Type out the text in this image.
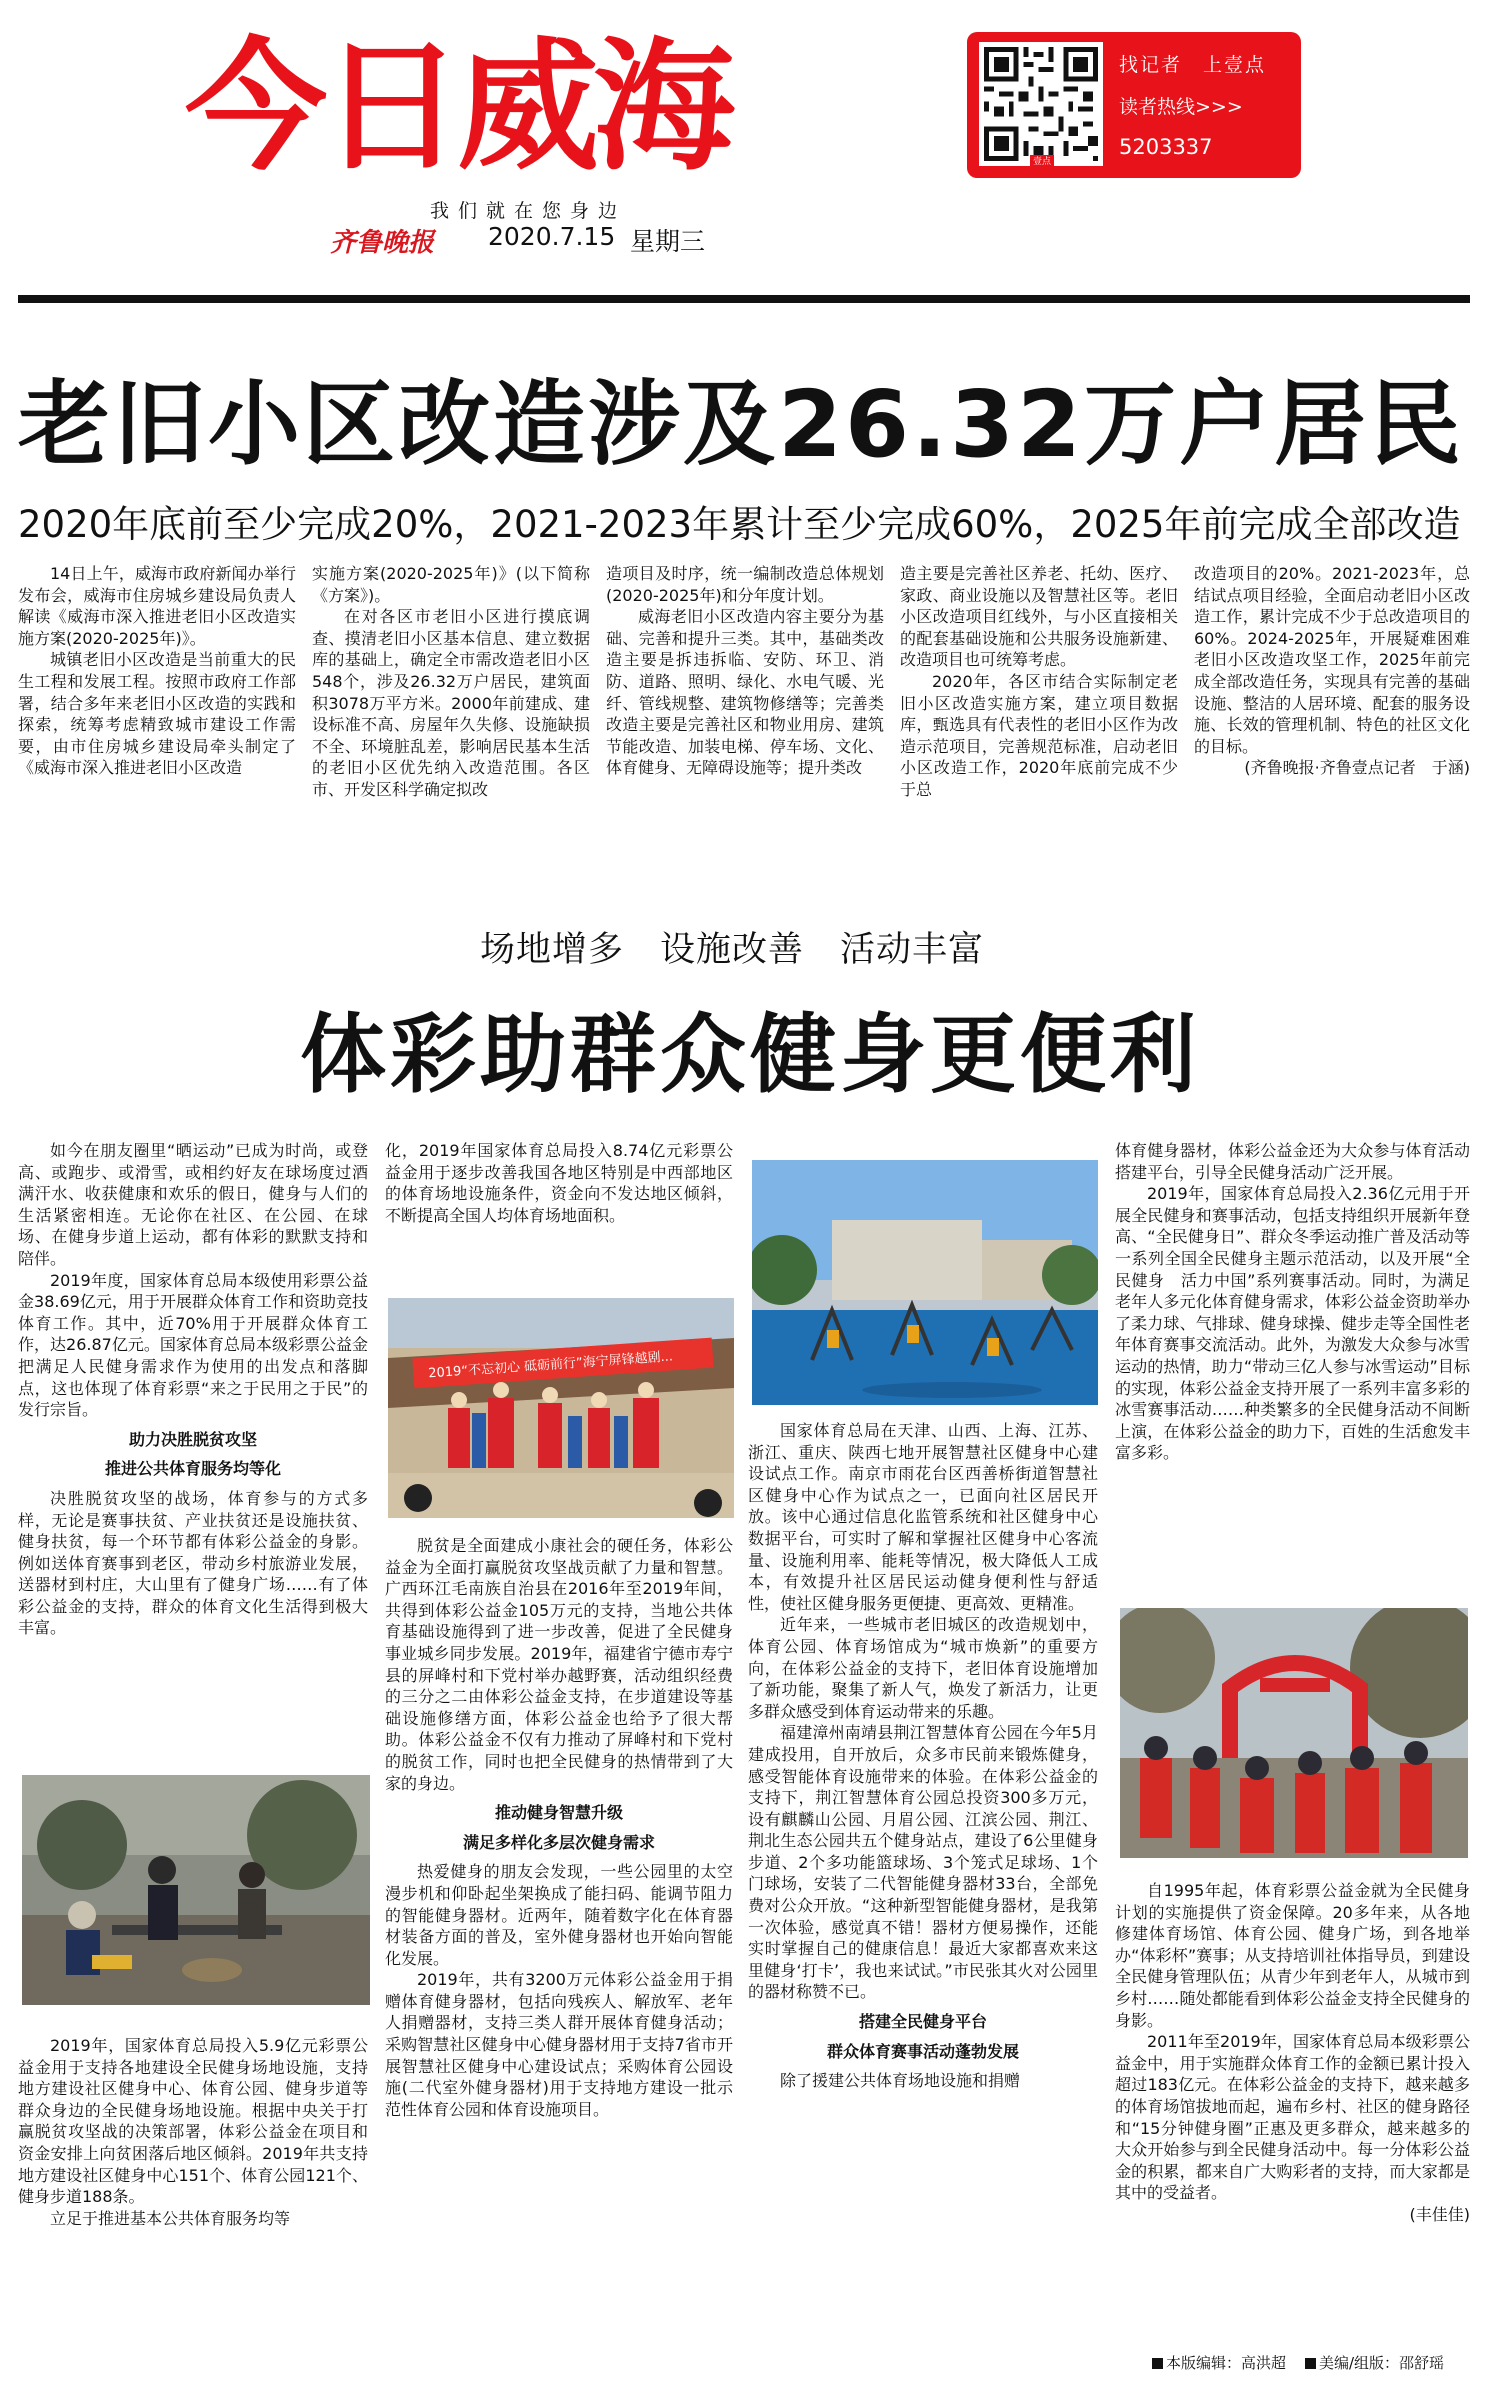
今日威海
我们就在您身边
齐鲁晚报 2020.7.15 星期三
壹点
找记者　上壹点
读者热线>>>
5203337
老旧小区改造涉及26.32万户居民
2020年底前至少完成20%，2021-2023年累计至少完成60%，2025年前完成全部改造

14日上午，威海市政府新闻办举行发布会，威海市住房城乡建设局负责人解读《威海市深入推进老旧小区改造实施方案(2020-2025年)》。

城镇老旧小区改造是当前重大的民生工程和发展工程。按照市政府工作部署，结合多年来老旧小区改造的实践和探索，统筹考虑精致城市建设工作需要，由市住房城乡建设局牵头制定了《威海市深入推进老旧小区改造

实施方案(2020-2025年)》(以下简称《方案》)。

在对各区市老旧小区进行摸底调查、摸清老旧小区基本信息、建立数据库的基础上，确定全市需改造老旧小区548个，涉及26.32万户居民，建筑面积3078万平方米。2000年前建成、建设标准不高、房屋年久失修、设施缺损不全、环境脏乱差，影响居民基本生活的老旧小区优先纳入改造范围。各区市、开发区科学确定拟改

造项目及时序，统一编制改造总体规划(2020-2025年)和分年度计划。

威海老旧小区改造内容主要分为基础、完善和提升三类。其中，基础类改造主要是拆违拆临、安防、环卫、消防、道路、照明、绿化、水电气暖、光纤、管线规整、建筑物修缮等；完善类改造主要是完善社区和物业用房、建筑节能改造、加装电梯、停车场、文化、体育健身、无障碍设施等；提升类改

造主要是完善社区养老、托幼、医疗、家政、商业设施以及智慧社区等。老旧小区改造项目红线外，与小区直接相关的配套基础设施和公共服务设施新建、改造项目也可统筹考虑。

2020年，各区市结合实际制定老旧小区改造实施方案，建立项目数据库，甄选具有代表性的老旧小区作为改造示范项目，完善规范标准，启动老旧小区改造工作，2020年底前完成不少于总

改造项目的20%。2021-2023年，总结试点项目经验，全面启动老旧小区改造工作，累计完成不少于总改造项目的60%。2024-2025年，开展疑难困难老旧小区改造攻坚工作，2025年前完成全部改造任务，实现具有完善的基础设施、整洁的人居环境、配套的服务设施、长效的管理机制、特色的社区文化的目标。

(齐鲁晚报·齐鲁壹点记者　于涵)

场地增多　设施改善　活动丰富
体彩助群众健身更便利

如今在朋友圈里“晒运动”已成为时尚，或登高、或跑步、或滑雪，或相约好友在球场度过酒满汗水、收获健康和欢乐的假日，健身与人们的生活紧密相连。无论你在社区、在公园、在球场、在健身步道上运动，都有体彩的默默支持和陪伴。

2019年度，国家体育总局本级使用彩票公益金38.69亿元，用于开展群众体育工作和资助竞技体育工作。其中，近70%用于开展群众体育工作，达26.87亿元。国家体育总局本级彩票公益金把满足人民健身需求作为使用的出发点和落脚点，这也体现了体育彩票“来之于民用之于民”的发行宗旨。

助力决胜脱贫攻坚

推进公共体育服务均等化

决胜脱贫攻坚的战场，体育参与的方式多样，无论是赛事扶贫、产业扶贫还是设施扶贫、健身扶贫，每一个环节都有体彩公益金的身影。例如送体育赛事到老区，带动乡村旅游业发展，送器材到村庄，大山里有了健身广场……有了体彩公益金的支持，群众的体育文化生活得到极大丰富。

2019年，国家体育总局投入5.9亿元彩票公益金用于支持各地建设全民健身场地设施，支持地方建设社区健身中心、体育公园、健身步道等群众身边的全民健身场地设施。根据中央关于打赢脱贫攻坚战的决策部署，体彩公益金在项目和资金安排上向贫困落后地区倾斜。2019年共支持地方建设社区健身中心151个、体育公园121个、健身步道188条。

立足于推进基本公共体育服务均等

化，2019年国家体育总局投入8.74亿元彩票公益金用于逐步改善我国各地区特别是中西部地区的体育场地设施条件，资金向不发达地区倾斜，不断提高全国人均体育场地面积。

2019“不忘初心 砥砺前行”海宁屏锋越剧...

脱贫是全面建成小康社会的硬任务，体彩公益金为全面打赢脱贫攻坚战贡献了力量和智慧。广西环江毛南族自治县在2016年至2019年间，共得到体彩公益金105万元的支持，当地公共体育基础设施得到了进一步改善，促进了全民健身事业城乡同步发展。2019年，福建省宁德市寿宁县的屏峰村和下党村举办越野赛，活动组织经费的三分之二由体彩公益金支持，在步道建设等基础设施修缮方面，体彩公益金也给予了很大帮助。体彩公益金不仅有力推动了屏峰村和下党村的脱贫工作，同时也把全民健身的热情带到了大家的身边。

推动健身智慧升级

满足多样化多层次健身需求

热爱健身的朋友会发现，一些公园里的太空漫步机和仰卧起坐架换成了能扫码、能调节阻力的智能健身器材。近两年，随着数字化在体育器材装备方面的普及，室外健身器材也开始向智能化发展。

2019年，共有3200万元体彩公益金用于捐赠体育健身器材，包括向残疾人、解放军、老年人捐赠器材，支持三类人群开展体育健身活动；采购智慧社区健身中心健身器材用于支持7省市开展智慧社区健身中心建设试点；采购体育公园设施(二代室外健身器材)用于支持地方建设一批示范性体育公园和体育设施项目。

国家体育总局在天津、山西、上海、江苏、浙江、重庆、陕西七地开展智慧社区健身中心建设试点工作。南京市雨花台区西善桥街道智慧社区健身中心作为试点之一，已面向社区居民开放。该中心通过信息化监管系统和社区健身中心数据平台，可实时了解和掌握社区健身中心客流量、设施利用率、能耗等情况，极大降低人工成本，有效提升社区居民运动健身便利性与舒适性，使社区健身服务更便捷、更高效、更精准。

近年来，一些城市老旧城区的改造规划中，体育公园、体育场馆成为“城市焕新”的重要方向，在体彩公益金的支持下，老旧体育设施增加了新功能，聚集了新人气，焕发了新活力，让更多群众感受到体育运动带来的乐趣。

福建漳州南靖县荆江智慧体育公园在今年5月建成投用，自开放后，众多市民前来锻炼健身，感受智能体育设施带来的体验。在体彩公益金的支持下，荆江智慧体育公园总投资300多万元，设有麒麟山公园、月眉公园、江滨公园、荆江、荆北生态公园共五个健身站点，建设了6公里健身步道、2个多功能篮球场、3个笼式足球场、1个门球场，安装了二代智能健身器材33台，全部免费对公众开放。“这种新型智能健身器材，是我第一次体验，感觉真不错！器材方便易操作，还能实时掌握自己的健康信息！最近大家都喜欢来这里健身‘打卡’，我也来试试。”市民张其火对公园里的器材称赞不已。

搭建全民健身平台

群众体育赛事活动蓬勃发展

除了援建公共体育场地设施和捐赠

体育健身器材，体彩公益金还为大众参与体育活动搭建平台，引导全民健身活动广泛开展。

2019年，国家体育总局投入2.36亿元用于开展全民健身和赛事活动，包括支持组织开展新年登高、“全民健身日”、群众冬季运动推广普及活动等一系列全国全民健身主题示范活动，以及开展“全民健身　活力中国”系列赛事活动。同时，为满足老年人多元化体育健身需求，体彩公益金资助举办了柔力球、气排球、健身球操、健步走等全国性老年体育赛事交流活动。此外，为激发大众参与冰雪运动的热情，助力“带动三亿人参与冰雪运动”目标的实现，体彩公益金支持开展了一系列丰富多彩的冰雪赛事活动……种类繁多的全民健身活动不间断上演，在体彩公益金的助力下，百姓的生活愈发丰富多彩。

自1995年起，体育彩票公益金就为全民健身计划的实施提供了资金保障。20多年来，从各地修建体育场馆、体育公园、健身广场，到各地举办“体彩杯”赛事；从支持培训社体指导员，到建设全民健身管理队伍；从青少年到老年人，从城市到乡村……随处都能看到体彩公益金支持全民健身的身影。

2011年至2019年，国家体育总局本级彩票公益金中，用于实施群众体育工作的金额已累计投入超过183亿元。在体彩公益金的支持下，越来越多的体育场馆拔地而起，遍布乡村、社区的健身路径和“15分钟健身圈”正惠及更多群众，越来越多的大众开始参与到全民健身活动中。每一分体彩公益金的积累，都来自广大购彩者的支持，而大家都是其中的受益者。

(丰佳佳)

本版编辑：高洪超	美编/组版：邵舒瑶
